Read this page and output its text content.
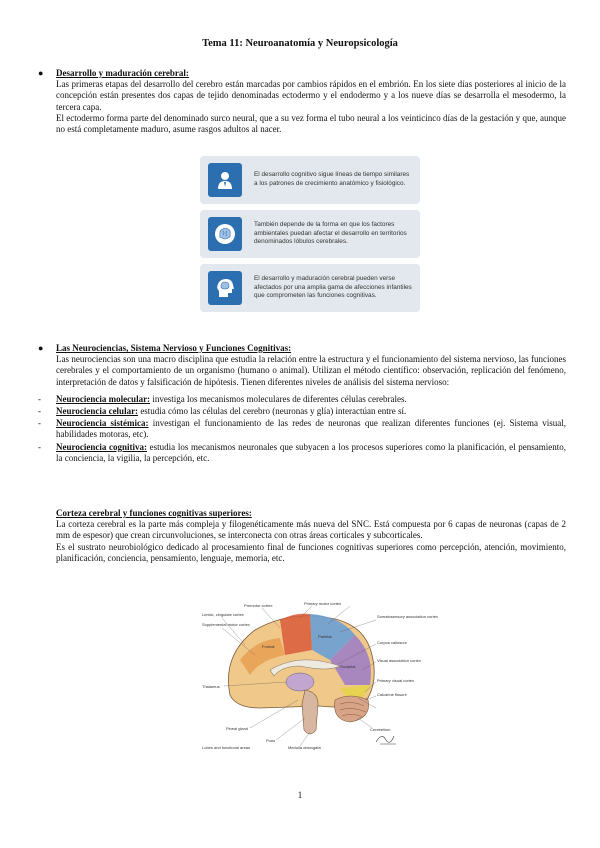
Tema 11: Neuroanatomía y Neuropsicología
●	Desarrollo y maduración cerebral:
Las primeras etapas del desarrollo del cerebro están marcadas por cambios rápidos en el embrión. En los siete días posteriores al inicio de la concepción están presentes dos capas de tejido denominadas ectodermo y el endodermo y a los nueve días se desarrolla el mesodermo, la tercera capa.
El ectodermo forma parte del denominado surco neural, que a su vez forma el tubo neural a los veinticinco días de la gestación y que, aunque no está completamente maduro, asume rasgos adultos al nacer.
El desarrollo cognitivo sigue líneas de tiempo similares a los patrones de crecimiento anatómico y fisiológico.
También depende de la forma en que los factores ambientales puedan afectar el desarrollo en territorios denominados lóbulos cerebrales.
El desarrollo y maduración cerebral pueden verse afectados por una amplia gama de afecciones infantiles que comprometen las funciones cognitivas.
●	Las Neurociencias, Sistema Nervioso y Funciones Cognitivas:
Las neurociencias son una macro disciplina que estudia la relación entre la estructura y el funcionamiento del sistema nervioso, las funciones cerebrales y el comportamiento de un organismo (humano o animal). Utilizan el método científico: observación, replicación del fenómeno, interpretación de datos y falsificación de hipótesis. Tienen diferentes niveles de análisis del sistema nervioso:
-	Neurociencia molecular: investiga los mecanismos moleculares de diferentes células cerebrales.
-	Neurociencia celular: estudia cómo las células del cerebro (neuronas y glía) interactúan entre sí.
-	Neurociencia sistémica: investigan el funcionamiento de las redes de neuronas que realizan diferentes funciones (ej. Sistema visual, habilidades motoras, etc).
-	Neurociencia cognitiva: estudia los mecanismos neuronales que subyacen a los procesos superiores como la planificación, el pensamiento, la conciencia, la vigilia, la percepción, etc.
Corteza cerebral y funciones cognitivas superiores:
La corteza cerebral es la parte más compleja y filogenéticamente más nueva del SNC. Está compuesta por 6 capas de neuronas (capas de 2 mm de espesor) que crean circunvoluciones, se interconecta con otras áreas corticales y subcorticales.
Es el sustrato neurobiológico dedicado al procesamiento final de funciones cognitivas superiores como percepción, atención, movimiento, planificación, conciencia, pensamiento, lenguaje, memoria, etc.
Premotor cortex	Primary motor cortex
Limbic, cingulate cortex
Supplemental motor cortex
Frontal
Parietal
Occipital
Thalamus
Pineal gland
Pons
Medulla oblongata
Cerebellum
Somatosensory association cortex
Corpus callosum
Visual association cortex
Primary visual cortex
Calcarine fissure
Lobes and functional areas
1
